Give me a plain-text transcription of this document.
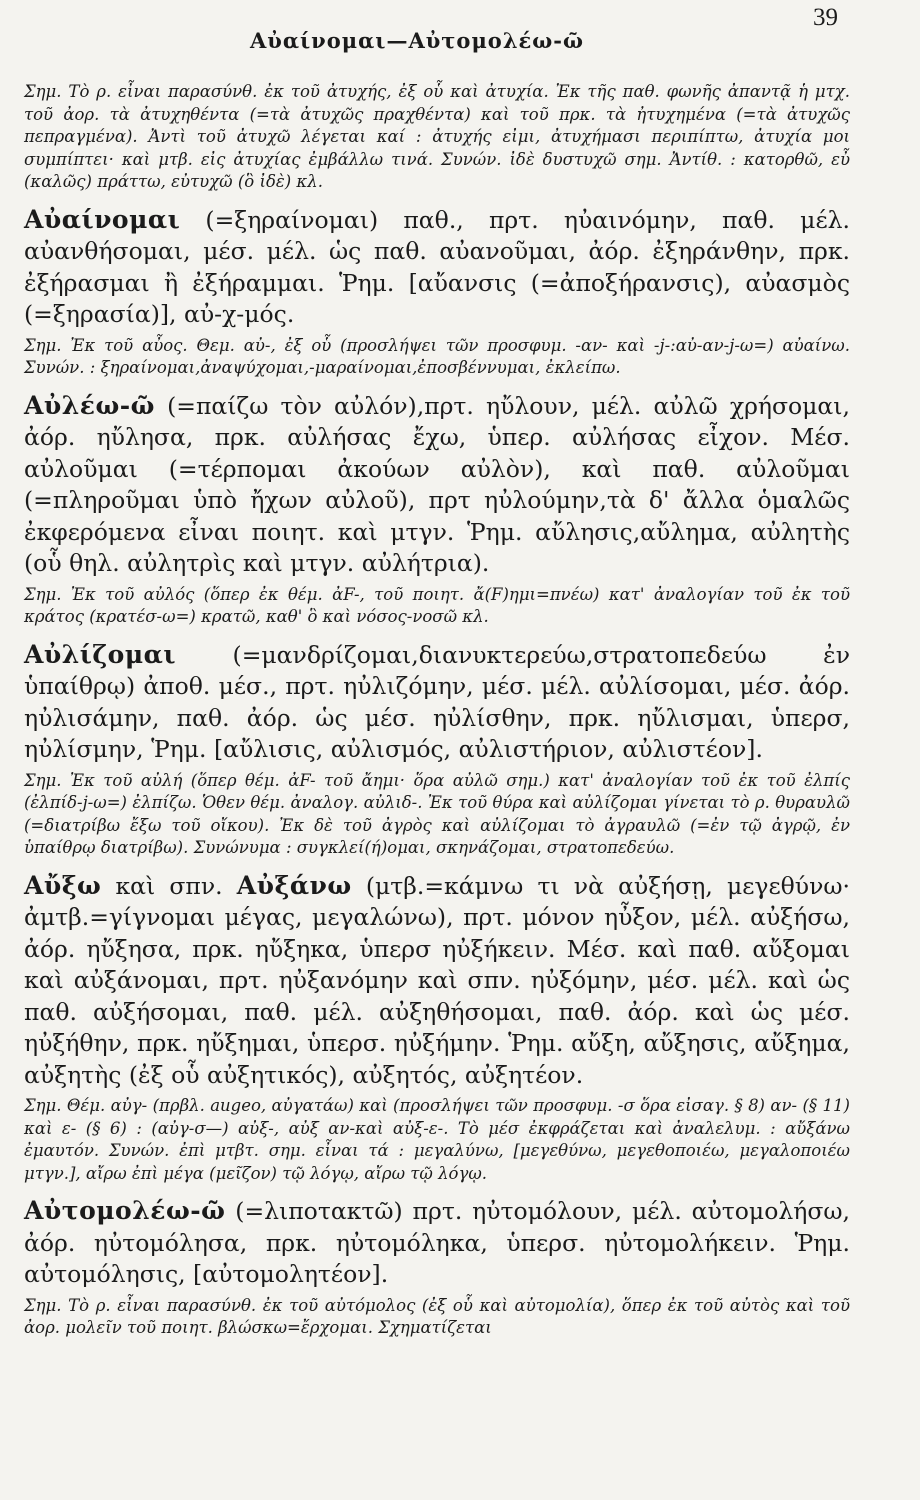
39
Αὐαίνομαι—Αὐτομολέω-ῶ

Σημ. Τὸ ρ. εἶναι παρασύνθ. ἐκ τοῦ ἀτυχής, ἐξ οὗ καὶ ἀτυχία. Ἐκ τῆς παθ. φωνῆς ἀπαντᾷ ἡ μτχ. τοῦ ἀορ. τὰ ἀτυχηθέντα (=τὰ ἀτυχῶς πραχθέντα) καὶ τοῦ πρκ. τὰ ἠτυχημένα (=τὰ ἀτυχῶς πεπραγμένα). Ἀντὶ τοῦ ἀτυχῶ λέγεται καί : ἀτυχής εἰμι, ἀτυχήμασι περιπίπτω, ἀτυχία μοι συμπίπτει· καὶ μτβ. εἰς ἀτυχίας ἐμβάλλω τινά. Συνών. ἰδὲ δυστυχῶ σημ. Ἀντίθ. : κατορθῶ, εὖ (καλῶς) πράττω, εὐτυχῶ (ὃ ἰδὲ) κλ.

Αὐαίνομαι (=ξηραίνομαι) παθ., πρτ. ηὐαινόμην, παθ. μέλ. αὐανθήσομαι, μέσ. μέλ. ὡς παθ. αὐανοῦμαι, ἀόρ. ἐξηράνθην, πρκ. ἐξήρασμαι ἢ ἐξήραμμαι. Ῥημ. [αὔανσις (=ἀποξήρανσις), αὐασμὸς (=ξηρασία)], αὐ-χ-μός.

Σημ. Ἐκ τοῦ αὖος. Θεμ. αὐ-, ἐξ οὗ (προσλήψει τῶν προσφυμ. -αν- καὶ -j-:αὐ-αν-j-ω=) αὐαίνω. Συνών. : ξηραίνομαι,ἀναψύχομαι,-μαραίνομαι,ἐποσβέννυμαι, ἐκλείπω.

Αὐλέω-ῶ (=παίζω τὸν αὐλόν),πρτ. ηὔλουν, μέλ. αὐλῶ χρήσομαι, ἀόρ. ηὔλησα, πρκ. αὐλήσας ἔχω, ὑπερ. αὐλήσας εἶχον. Μέσ. αὐλοῦμαι (=τέρπομαι ἀκούων αὐλὸν), καὶ παθ. αὐλοῦμαι (=πληροῦμαι ὑπὸ ἤχων αὐλοῦ), πρτ ηὐλούμην,τὰ δ' ἄλλα ὁμαλῶς ἐκφερόμενα εἶναι ποιητ. καὶ μτγν. Ῥημ. αὔλησις,αὔλημα, αὐλητὴς (οὗ θηλ. αὐλητρὶς καὶ μτγν. αὐλήτρια).

Σημ. Ἐκ τοῦ αὐλός (ὅπερ ἐκ θέμ. ἀF-, τοῦ ποιητ. ἄ(F)ημι=πνέω) κατ' ἀναλογίαν τοῦ ἐκ τοῦ κράτος (κρατέσ-ω=) κρατῶ, καθ' ὃ καὶ νόσος-νοσῶ κλ.

Αὐλίζομαι (=μανδρίζομαι,διανυκτερεύω,στρατοπεδεύω ἐν ὑπαίθρῳ) ἀποθ. μέσ., πρτ. ηὐλιζόμην, μέσ. μέλ. αὐλίσομαι, μέσ. ἀόρ. ηὐλισάμην, παθ. ἀόρ. ὡς μέσ. ηὐλίσθην, πρκ. ηὔλισμαι, ὑπερσ, ηὐλίσμην, Ῥημ. [αὔλισις, αὐλισμός, αὐλιστήριον, αὐλιστέον].

Σημ. Ἐκ τοῦ αὐλή (ὅπερ θέμ. ἀF- τοῦ ἄημι· ὅρα αὐλῶ σημ.) κατ' ἀναλογίαν τοῦ ἐκ τοῦ ἐλπίς (ἐλπίδ-j-ω=) ἐλπίζω. Ὁθεν θέμ. ἀναλογ. αὐλιδ-. Ἐκ τοῦ θύρα καὶ αὐλίζομαι γίνεται τὸ ρ. θυραυλῶ (=διατρίβω ἔξω τοῦ οἴκου). Ἐκ δὲ τοῦ ἀγρὸς καὶ αὐλίζομαι τὸ ἀγραυλῶ (=ἐν τῷ ἀγρῷ, ἐν ὑπαίθρῳ διατρίβω). Συνώνυμα : συγκλεί(ή)ομαι, σκηνάζομαι, στρατοπεδεύω.

Αὔξω καὶ σπν. Αὐξάνω (μτβ.=κάμνω τι νὰ αὐξήσῃ, μεγεθύνω· ἀμτβ.=γίγνομαι μέγας, μεγαλώνω), πρτ. μόνον ηὖξον, μέλ. αὐξήσω, ἀόρ. ηὔξησα, πρκ. ηὔξηκα, ὑπερσ ηὐξήκειν. Μέσ. καὶ παθ. αὔξομαι καὶ αὐξάνομαι, πρτ. ηὐξανόμην καὶ σπν. ηὐξόμην, μέσ. μέλ. καὶ ὡς παθ. αὐξήσομαι, παθ. μέλ. αὐξηθήσομαι, παθ. ἀόρ. καὶ ὡς μέσ. ηὐξήθην, πρκ. ηὔξημαι, ὑπερσ. ηὐξήμην. Ῥημ. αὔξη, αὔξησις, αὔξημα, αὐξητὴς (ἐξ οὗ αὐξητικός), αὐξητός, αὐξητέον.

Σημ. Θέμ. αὐγ- (πρβλ. augeo, αὐγατάω) καὶ (προσλήψει τῶν προσφυμ. -σ ὅρα εἰσαγ. § 8) αν- (§ 11) καὶ ε- (§ 6) : (αὐγ-σ—) αὐξ-, αὐξ αν-καὶ αὐξ-ε-. Τὸ μέσ ἐκφράζεται καὶ ἀναλελυμ. : αὔξάνω ἐμαυτόν. Συνών. ἐπὶ μτβτ. σημ. εἶναι τά : μεγαλύνω, [μεγεθύνω, μεγεθοποιέω, μεγαλοποιέω μτγν.], αἴρω ἐπὶ μέγα (μεῖζον) τῷ λόγῳ, αἴρω τῷ λόγῳ.

Αὐτομολέω-ῶ (=λιποτακτῶ) πρτ. ηὐτομόλουν, μέλ. αὐτομολήσω, ἀόρ. ηὐτομόλησα, πρκ. ηὐτομόληκα, ὑπερσ. ηὐτομολήκειν. Ῥημ. αὐτομόλησις, [αὐτομολητέον].

Σημ. Τὸ ρ. εἶναι παρασύνθ. ἐκ τοῦ αὐτόμολος (ἐξ οὗ καὶ αὐτομολία), ὅπερ ἐκ τοῦ αὐτὸς καὶ τοῦ ἀορ. μολεῖν τοῦ ποιητ. βλώσκω=ἔρχομαι. Σχηματίζεται
